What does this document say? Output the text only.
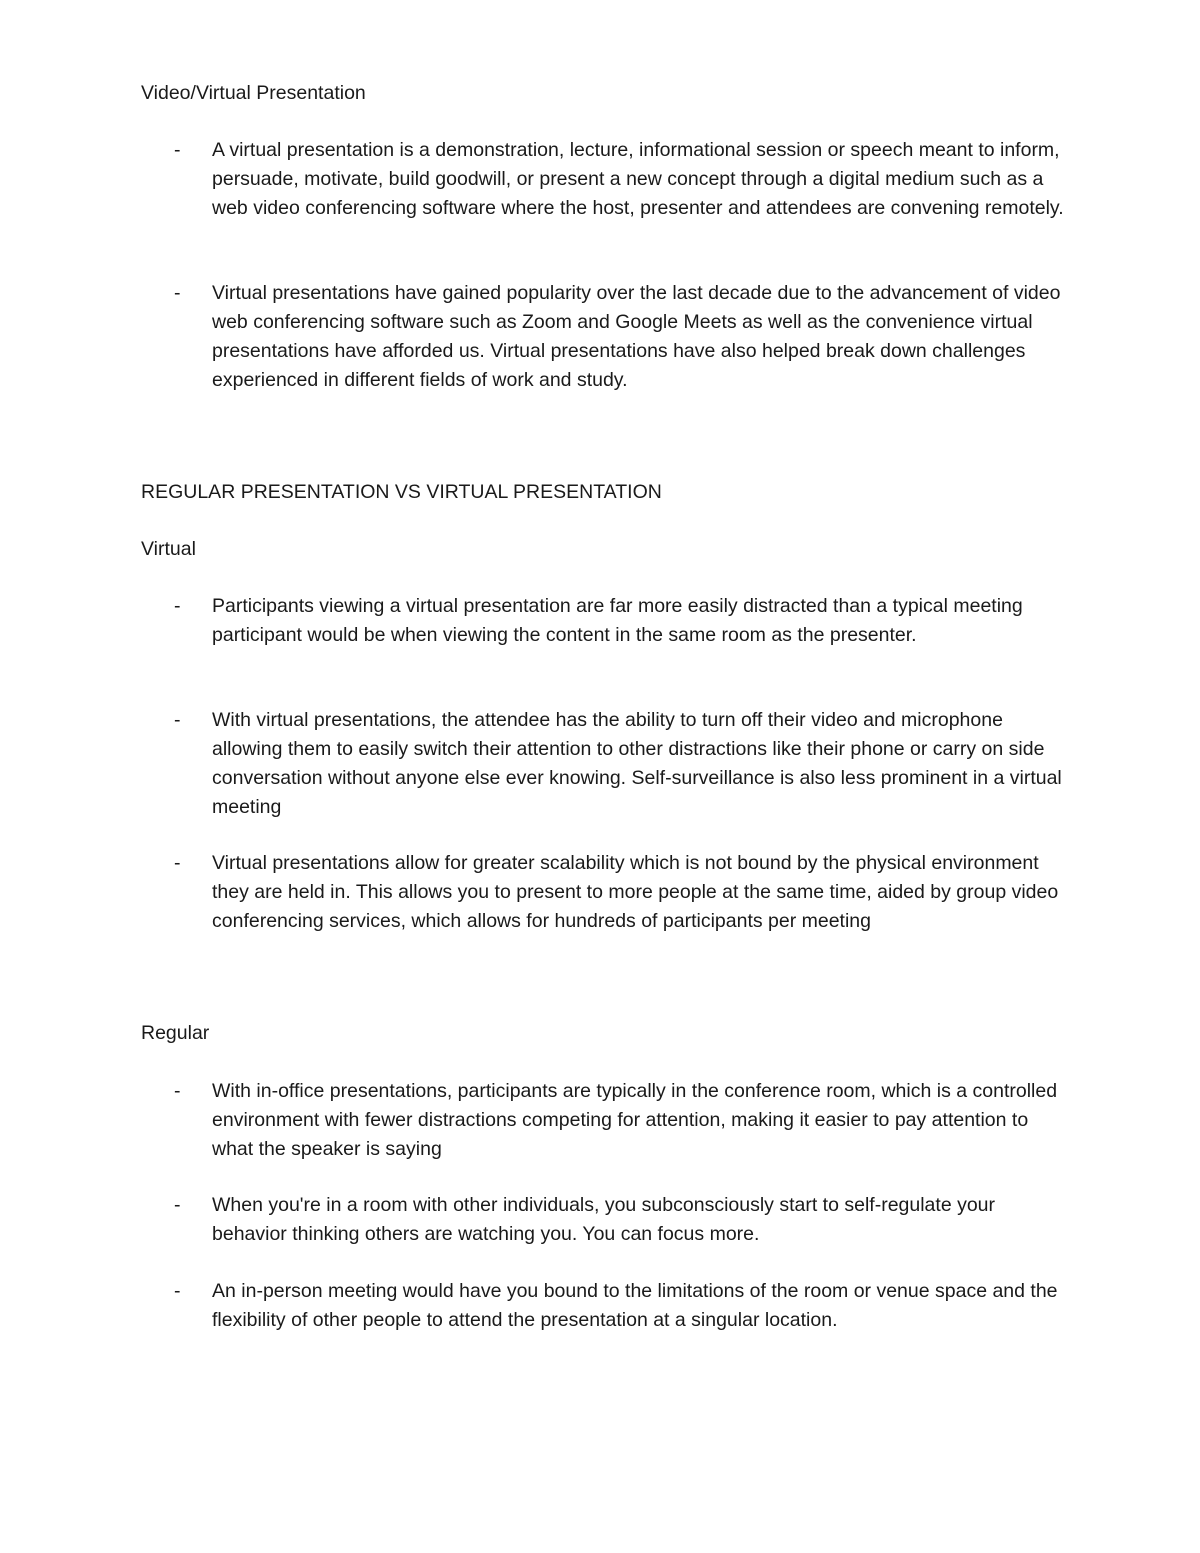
Video/Virtual Presentation

- A virtual presentation is a demonstration, lecture, informational session or speech meant to inform, persuade, motivate, build goodwill, or present a new concept through a digital medium such as a web video conferencing software where the host, presenter and attendees are convening remotely.
- Virtual presentations have gained popularity over the last decade due to the advancement of video web conferencing software such as Zoom and Google Meets as well as the convenience virtual presentations have afforded us. Virtual presentations have also helped break down challenges experienced in different fields of work and study.

REGULAR PRESENTATION VS VIRTUAL PRESENTATION

Virtual

- Participants viewing a virtual presentation are far more easily distracted than a typical meeting participant would be when viewing the content in the same room as the presenter.
- With virtual presentations, the attendee has the ability to turn off their video and microphone allowing them to easily switch their attention to other distractions like their phone or carry on side conversation without anyone else ever knowing. Self-surveillance is also less prominent in a virtual meeting
- Virtual presentations allow for greater scalability which is not bound by the physical environment they are held in. This allows you to present to more people at the same time, aided by group video conferencing services, which allows for hundreds of participants per meeting

Regular

- With in-office presentations, participants are typically in the conference room, which is a controlled environment with fewer distractions competing for attention, making it easier to pay attention to what the speaker is saying
- When you're in a room with other individuals, you subconsciously start to self-regulate your behavior thinking others are watching you. You can focus more.
- An in-person meeting would have you bound to the limitations of the room or venue space and the flexibility of other people to attend the presentation at a singular location.
